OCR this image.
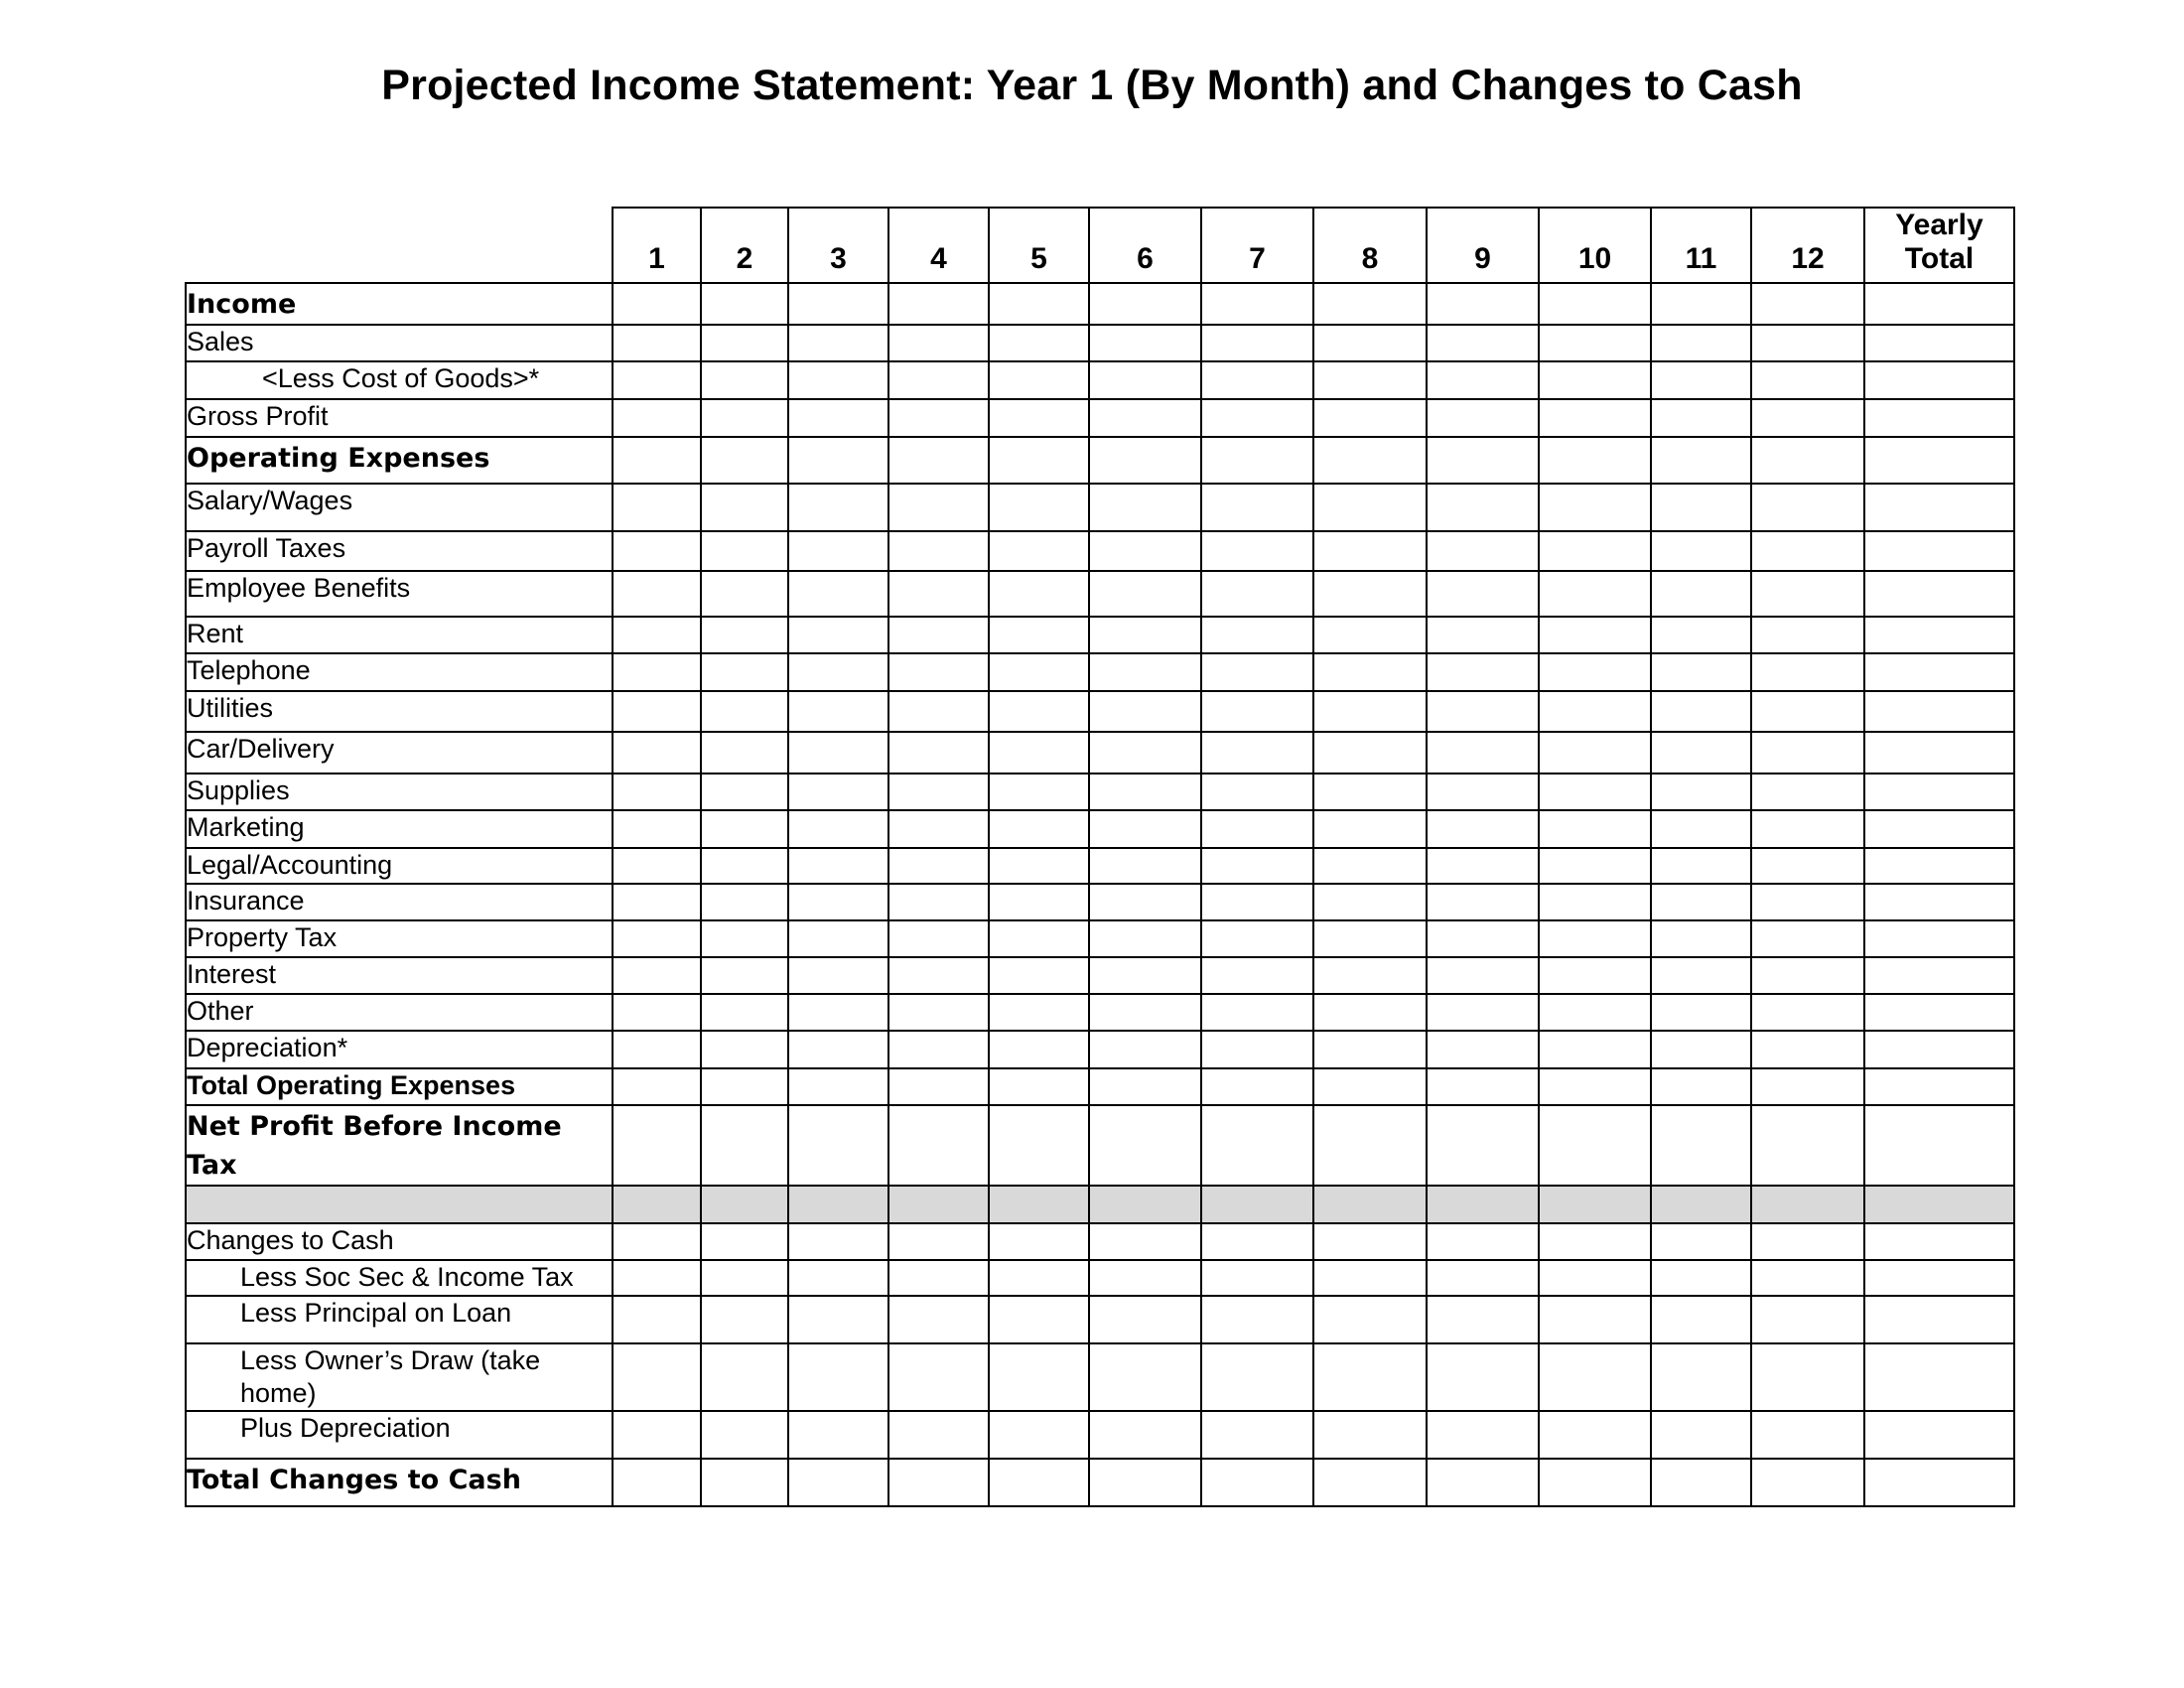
Projected Income Statement: Year 1 (By Month) and Changes to Cash
	1	2	3	4	5	6	7	8	9	10	11	12	Yearly Total
Income													
Sales													
<Less Cost of Goods>*													
Gross Profit													
Operating Expenses													
Salary/Wages													
Payroll Taxes													
Employee Benefits													
Rent													
Telephone													
Utilities													
Car/Delivery													
Supplies													
Marketing													
Legal/Accounting													
Insurance													
Property Tax													
Interest													
Other													
Depreciation*													
Total Operating Expenses													
Net Profit Before Income Tax													

Changes to Cash													
Less Soc Sec & Income Tax													
Less Principal on Loan													
Less Owner’s Draw (take home)													
Plus Depreciation													
Total Changes to Cash													
